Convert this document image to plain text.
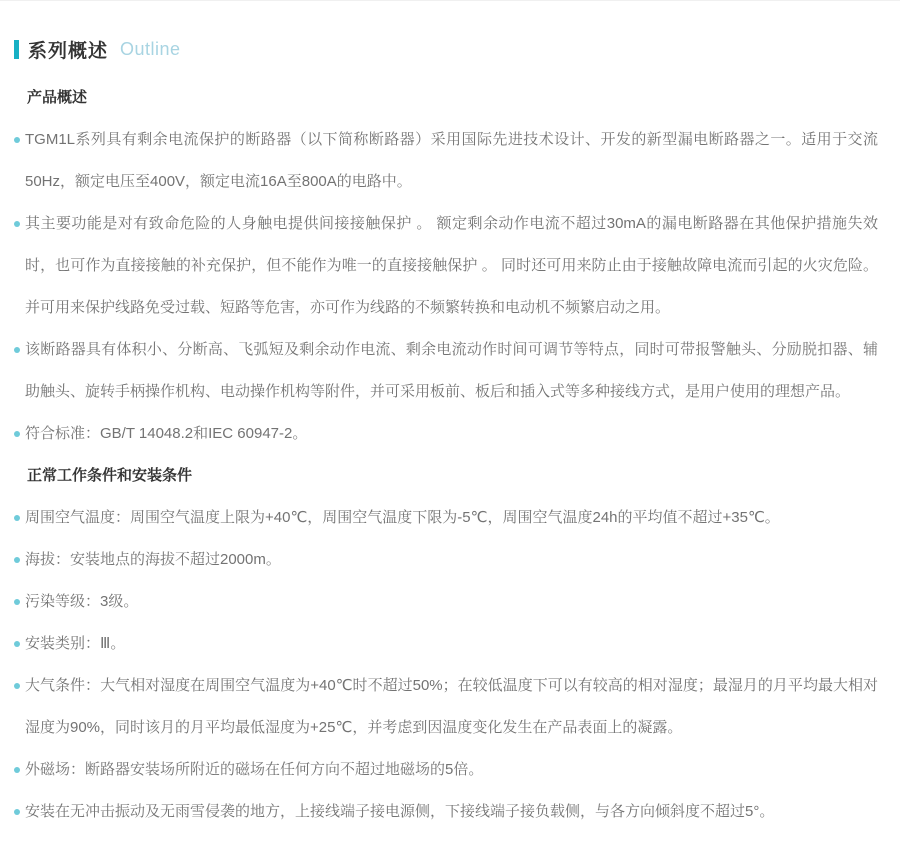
系列概述 Outline
产品概述
TGM1L系列具有剩余电流保护的断路器（以下简称断路器）采用国际先进技术设计、开发的新型漏电断路器之一。适用于交流50Hz，额定电压至400V，额定电流16A至800A的电路中。
其主要功能是对有致命危险的人身触电提供间接接触保护 。 额定剩余动作电流不超过30mA的漏电断路器在其他保护措施失效时，也可作为直接接触的补充保护，但不能作为唯一的直接接触保护 。 同时还可用来防止由于接触故障电流而引起的火灾危险。并可用来保护线路免受过载、短路等危害，亦可作为线路的不频繁转换和电动机不频繁启动之用。
该断路器具有体积小、分断高、飞弧短及剩余动作电流、剩余电流动作时间可调节等特点，同时可带报警触头、分励脱扣器、辅助触头、旋转手柄操作机构、电动操作机构等附件，并可采用板前、板后和插入式等多种接线方式，是用户使用的理想产品。
符合标准：GB/T 14048.2和IEC 60947-2。
正常工作条件和安装条件
周围空气温度：周围空气温度上限为+40℃，周围空气温度下限为-5℃，周围空气温度24h的平均值不超过+35℃。
海拔：安装地点的海拔不超过2000m。
污染等级：3级。
安装类别：Ⅲ。
大气条件：大气相对湿度在周围空气温度为+40℃时不超过50%；在较低温度下可以有较高的相对湿度；最湿月的月平均最大相对湿度为90%，同时该月的月平均最低湿度为+25℃，并考虑到因温度变化发生在产品表面上的凝露。
外磁场：断路器安装场所附近的磁场在任何方向不超过地磁场的5倍。
安装在无冲击振动及无雨雪侵袭的地方，上接线端子接电源侧，下接线端子接负载侧，与各方向倾斜度不超过5°。
